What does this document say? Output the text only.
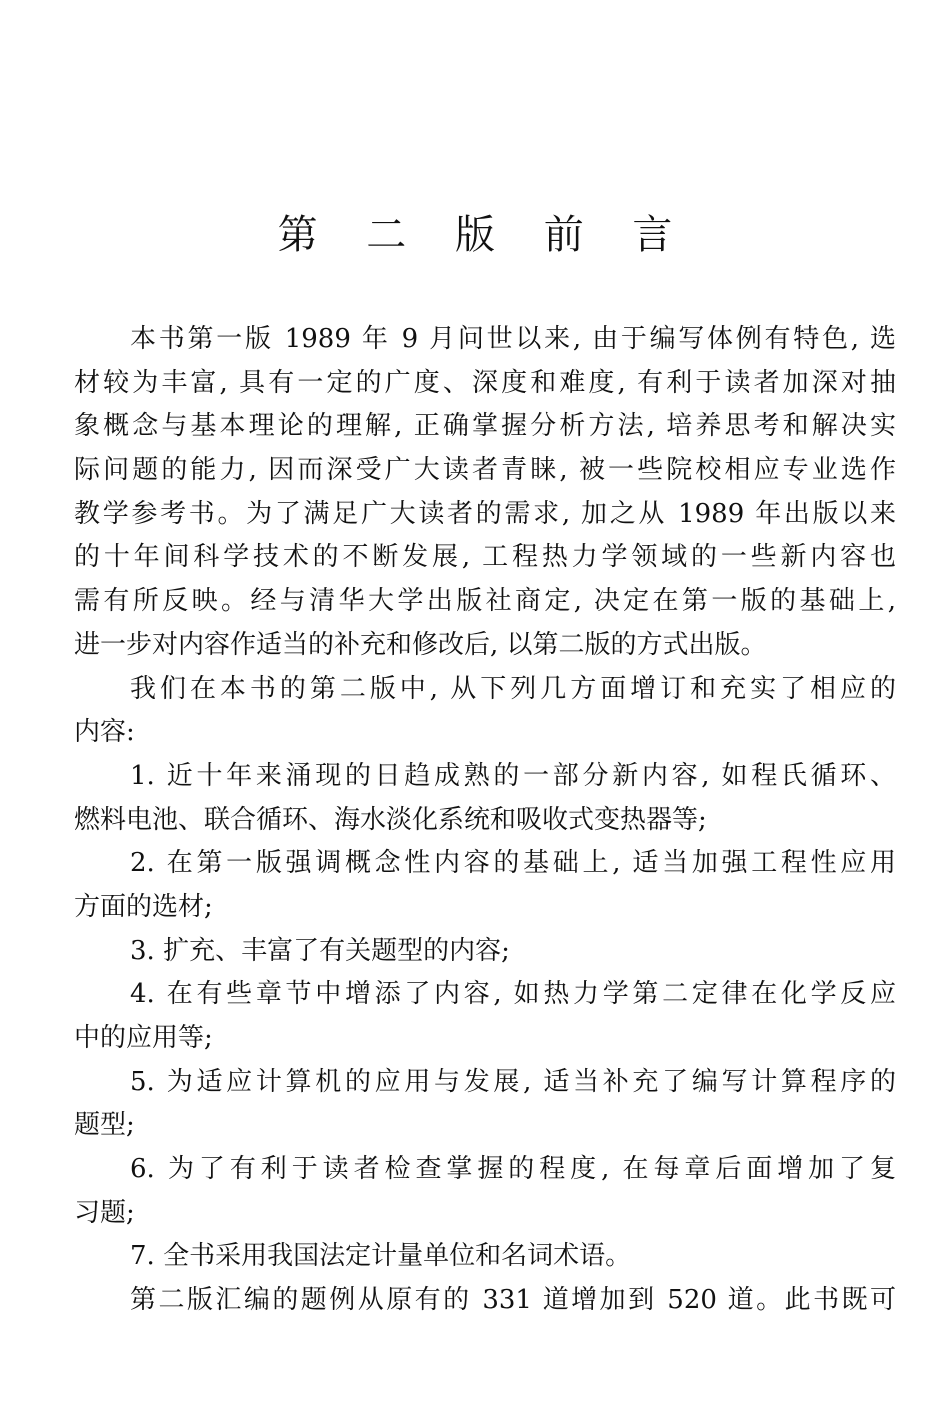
第 二 版 前 言
本书第一版 1989 年 9 月问世以来, 由于编写体例有特色, 选
材较为丰富, 具有一定的广度、深度和难度, 有利于读者加深对抽
象概念与基本理论的理解, 正确掌握分析方法, 培养思考和解决实
际问题的能力, 因而深受广大读者青睐, 被一些院校相应专业选作
教学参考书。为了满足广大读者的需求, 加之从 1989 年出版以来
的十年间科学技术的不断发展, 工程热力学领域的一些新内容也
需有所反映。经与清华大学出版社商定, 决定在第一版的基础上,
进一步对内容作适当的补充和修改后, 以第二版的方式出版。
我们在本书的第二版中, 从下列几方面增订和充实了相应的
内容:
1. 近十年来涌现的日趋成熟的一部分新内容, 如程氏循环、
燃料电池、联合循环、海水淡化系统和吸收式变热器等;
2. 在第一版强调概念性内容的基础上, 适当加强工程性应用
方面的选材;
3. 扩充、丰富了有关题型的内容;
4. 在有些章节中增添了内容, 如热力学第二定律在化学反应
中的应用等;
5. 为适应计算机的应用与发展, 适当补充了编写计算程序的
题型;
6. 为了有利于读者检查掌握的程度, 在每章后面增加了复
习题;
7. 全书采用我国法定计量单位和名词术语。
第二版汇编的题例从原有的 331 道增加到 520 道。此书既可
